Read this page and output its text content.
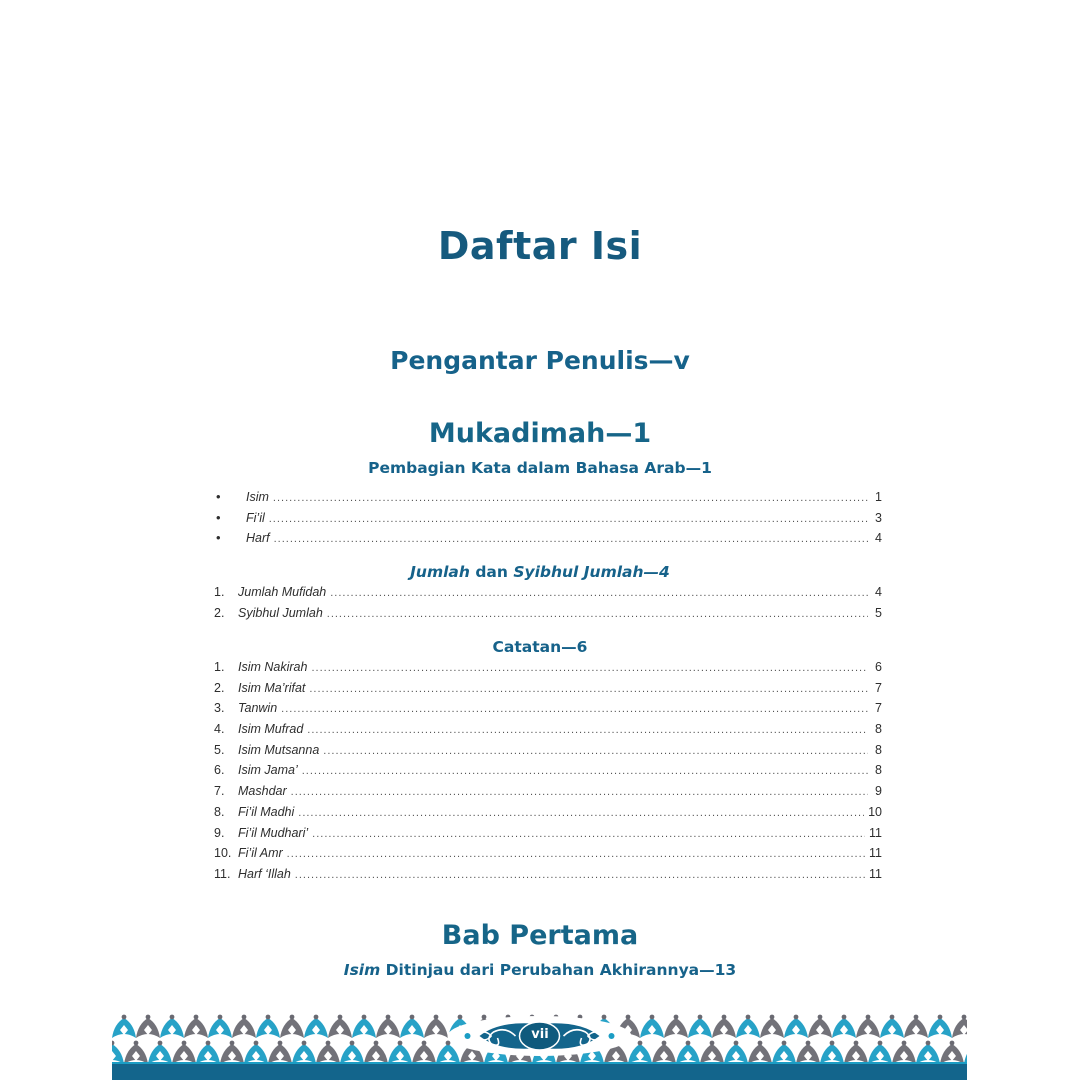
Daftar Isi
Pengantar Penulis—v
Mukadimah—1
Pembagian Kata dalam Bahasa Arab—1
•	Isim .....	1
•	Fi’il .....	3
•	Harf .....	4
Jumlah dan Syibhul Jumlah—4
1.	Jumlah Mufidah .....	4
2.	Syibhul Jumlah .....	5
Catatan—6
1.	Isim Nakirah .....	6
2.	Isim Ma’rifat .....	7
3.	Tanwin .....	7
4.	Isim Mufrad .....	8
5.	Isim Mutsanna .....	8
6.	Isim Jama’ .....	8
7.	Mashdar .....	9
8.	Fi’il Madhi .....	10
9.	Fi’il Mudhari’ .....	11
10. Fi’il Amr .....	11
11. Harf ‘Illah .....	11
Bab Pertama
Isim Ditinjau dari Perubahan Akhirannya—13
vii
